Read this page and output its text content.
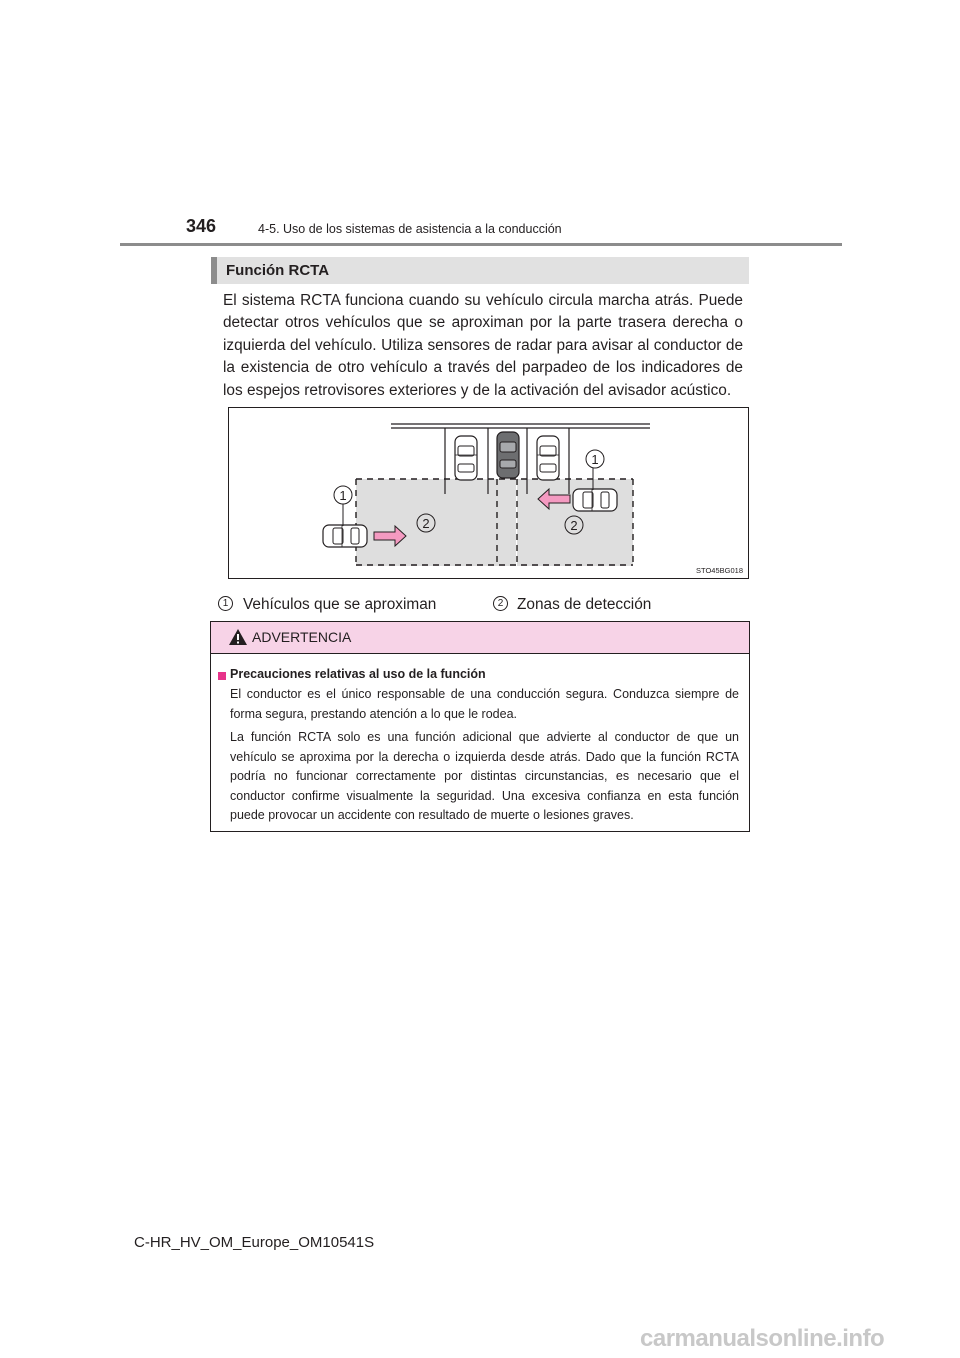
346	4-5. Uso de los sistemas de asistencia a la conducción
Función RCTA
El sistema RCTA funciona cuando su vehículo circula marcha atrás. Puede detectar otros vehículos que se aproximan por la parte trasera derecha o izquierda del vehículo. Utiliza sensores de radar para avisar al conductor de la existencia de otro vehículo a través del parpadeo de los indicadores de los espejos retrovisores exteriores y de la activación del avisador acústico.
1
1
2	2
STO45BG018
1 Vehículos que se aproximan	2 Zonas de detección
ADVERTENCIA
Precauciones relativas al uso de la función
El conductor es el único responsable de una conducción segura. Conduzca siempre de forma segura, prestando atención a lo que le rodea.
La función RCTA solo es una función adicional que advierte al conductor de que un vehículo se aproxima por la derecha o izquierda desde atrás. Dado que la función RCTA podría no funcionar correctamente por distintas circunstancias, es necesario que el conductor confirme visualmente la seguridad. Una excesiva confianza en esta función puede provocar un accidente con resultado de muerte o lesiones graves.
C-HR_HV_OM_Europe_OM10541S
carmanualsonline.info
